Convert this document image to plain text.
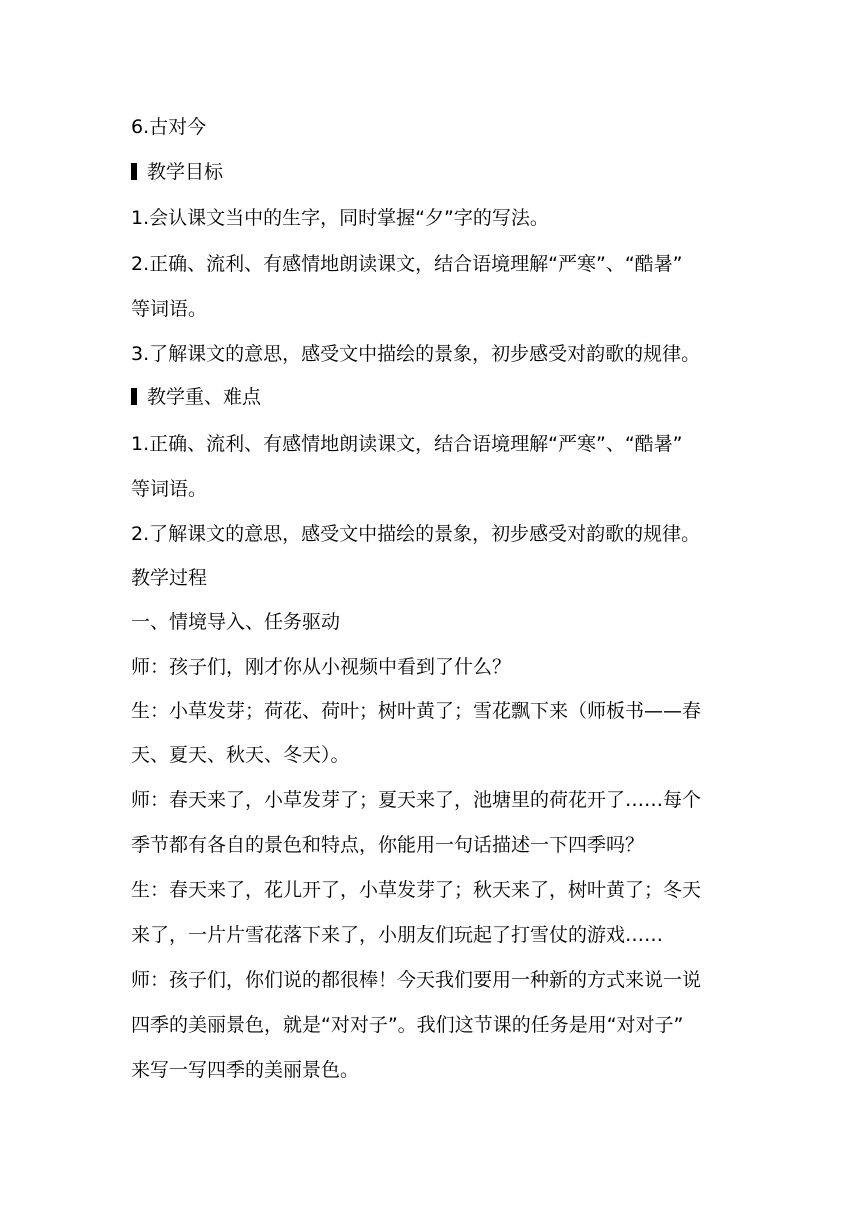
6.古对今
教学目标
1.会认课文当中的生字，同时掌握“夕”字的写法。
2.正确、流利、有感情地朗读课文，结合语境理解“严寒”、“酷暑”
等词语。
3.了解课文的意思，感受文中描绘的景象，初步感受对韵歌的规律。
教学重、难点
1.正确、流利、有感情地朗读课文，结合语境理解“严寒”、“酷暑”
等词语。
2.了解课文的意思，感受文中描绘的景象，初步感受对韵歌的规律。
教学过程
一、情境导入、任务驱动
师：孩子们，刚才你从小视频中看到了什么？
生：小草发芽；荷花、荷叶；树叶黄了；雪花飘下来（师板书——春
天、夏天、秋天、冬天）。
师：春天来了，小草发芽了；夏天来了，池塘里的荷花开了……每个
季节都有各自的景色和特点，你能用一句话描述一下四季吗？
生：春天来了，花儿开了，小草发芽了；秋天来了，树叶黄了；冬天
来了，一片片雪花落下来了，小朋友们玩起了打雪仗的游戏……
师：孩子们，你们说的都很棒！今天我们要用一种新的方式来说一说
四季的美丽景色，就是“对对子”。我们这节课的任务是用“对对子”
来写一写四季的美丽景色。
